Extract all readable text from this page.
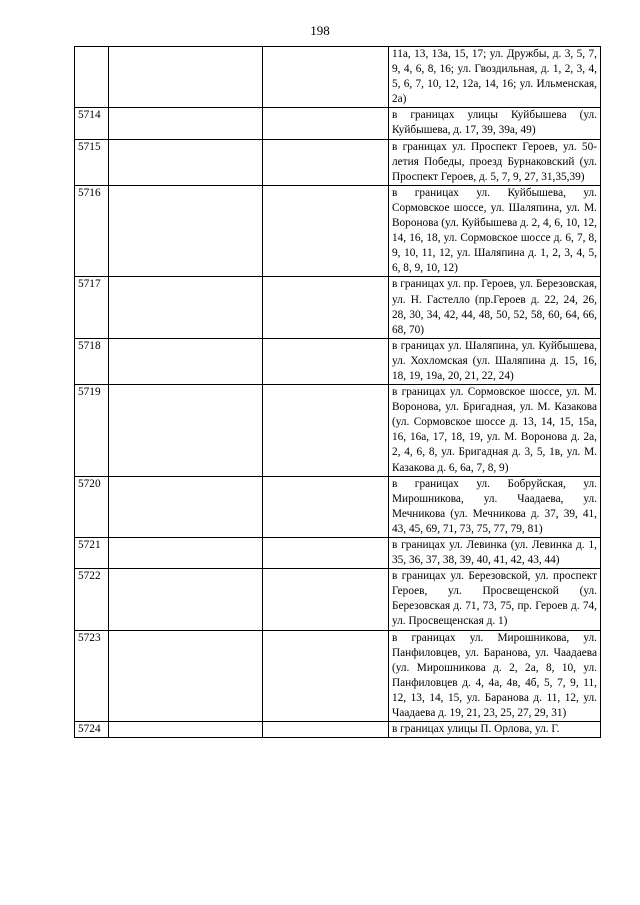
198

			11а, 13, 13а, 15, 17; ул. Дружбы, д. 3, 5, 7, 9, 4, 6, 8, 16; ул. Гвоздильная, д. 1, 2, 3, 4, 5, 6, 7, 10, 12, 12а, 14, 16; ул. Ильменская, 2а)

5714			в границах улицы Куйбышева (ул. Куйбышева, д. 17, 39, 39а, 49)

5715			в границах ул. Проспект Героев, ул. 50-летия Победы, проезд Бурнаковский (ул. Проспект Героев, д. 5, 7, 9, 27, 31,35,39)

5716			в границах ул. Куйбышева, ул. Сормовское шоссе, ул. Шаляпина, ул. М. Воронова (ул. Куйбышева д. 2, 4, 6, 10, 12, 14, 16, 18, ул. Сормовское шоссе д. 6, 7, 8, 9, 10, 11, 12, ул. Шаляпина д. 1, 2, 3, 4, 5, 6, 8, 9, 10, 12)

5717			в границах ул. пр. Героев, ул. Березовская, ул. Н. Гастелло (пр.Героев д. 22, 24, 26, 28, 30, 34, 42, 44, 48, 50, 52, 58, 60, 64, 66, 68, 70)

5718			в границах ул. Шаляпина, ул. Куйбышева, ул. Хохломская (ул. Шаляпина д. 15, 16, 18, 19, 19а, 20, 21, 22, 24)

5719			в границах ул. Сормовское шоссе, ул. М. Воронова, ул. Бригадная, ул. М. Казакова (ул. Сормовское шоссе д. 13, 14, 15, 15а, 16, 16а, 17, 18, 19, ул. М. Воронова д. 2а, 2, 4, 6, 8, ул. Бригадная д. 3, 5, 1в, ул. М. Казакова д. 6, 6а, 7, 8, 9)

5720			в границах ул. Бобруйская, ул. Мирошникова, ул. Чаадаева, ул. Мечникова (ул. Мечникова д. 37, 39, 41, 43, 45, 69, 71, 73, 75, 77, 79, 81)

5721			в границах ул. Левинка (ул. Левинка д. 1, 35, 36, 37, 38, 39, 40, 41, 42, 43, 44)

5722			в границах ул. Березовской, ул. проспект Героев, ул. Просвещенской (ул. Березовская д. 71, 73, 75, пр. Героев д. 74, ул. Просвещенская д. 1)

5723			в границах ул. Мирошникова, ул. Панфиловцев, ул. Баранова, ул. Чаадаева (ул. Мирошникова д. 2, 2а, 8, 10, ул. Панфиловцев д. 4, 4а, 4в, 4б, 5, 7, 9, 11, 12, 13, 14, 15, ул. Баранова д. 11, 12, ул. Чаадаева д. 19, 21, 23, 25, 27, 29, 31)

5724			в границах улицы П. Орлова, ул. Г.
